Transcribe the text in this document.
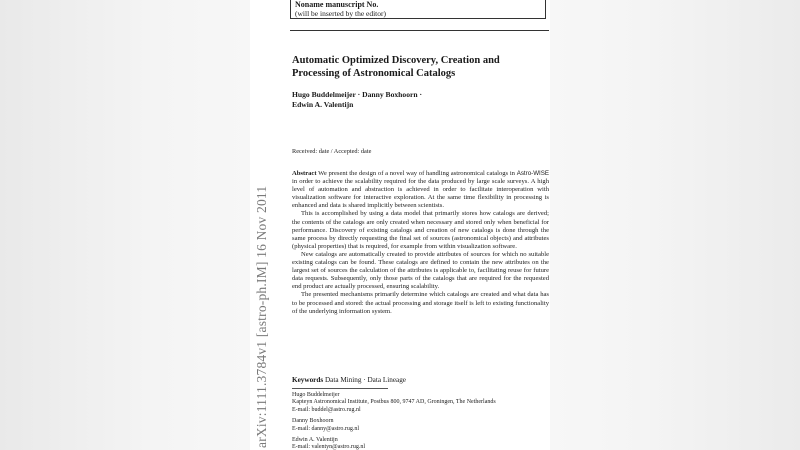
Noname manuscript No.
(will be inserted by the editor)
Automatic Optimized Discovery, Creation and
Processing of Astronomical Catalogs
Hugo Buddelmeijer · Danny Boxhoorn ·
Edwin A. Valentijn
Received: date / Accepted: date

Abstract We present the design of a novel way of handling astronomical catalogs in Astro-WISE in order to achieve the scalability required for the data produced by large scale surveys. A high level of automation and abstraction is achieved in order to facilitate interoperation with visualization software for interactive exploration. At the same time flexibility in processing is enhanced and data is shared implicitly between scientists.

This is accomplished by using a data model that primarily stores how catalogs are derived; the contents of the catalogs are only created when necessary and stored only when beneficial for performance. Discovery of existing catalogs and creation of new catalogs is done through the same process by directly requesting the final set of sources (astronomical objects) and attributes (physical properties) that is required, for example from within visualization software.

New catalogs are automatically created to provide attributes of sources for which no suitable existing catalogs can be found. These catalogs are defined to contain the new attributes on the largest set of sources the calculation of the attributes is applicable to, facilitating reuse for future data requests. Subsequently, only those parts of the catalogs that are required for the requested end product are actually processed, ensuring scalability.

The presented mechanisms primarily determine which catalogs are created and what data has to be processed and stored: the actual processing and storage itself is left to existing functionality of the underlying information system.

Keywords Data Mining · Data Lineage
Hugo Buddelmeijer
Kapteyn Astronomical Institute, Postbus 800, 9747 AD, Groningen, The Netherlands
E-mail: buddel@astro.rug.nl
Danny Boxhoorn
E-mail: danny@astro.rug.nl
Edwin A. Valentijn
E-mail: valentyn@astro.rug.nl
arXiv:1111.3784v1 [astro-ph.IM] 16 Nov 2011
